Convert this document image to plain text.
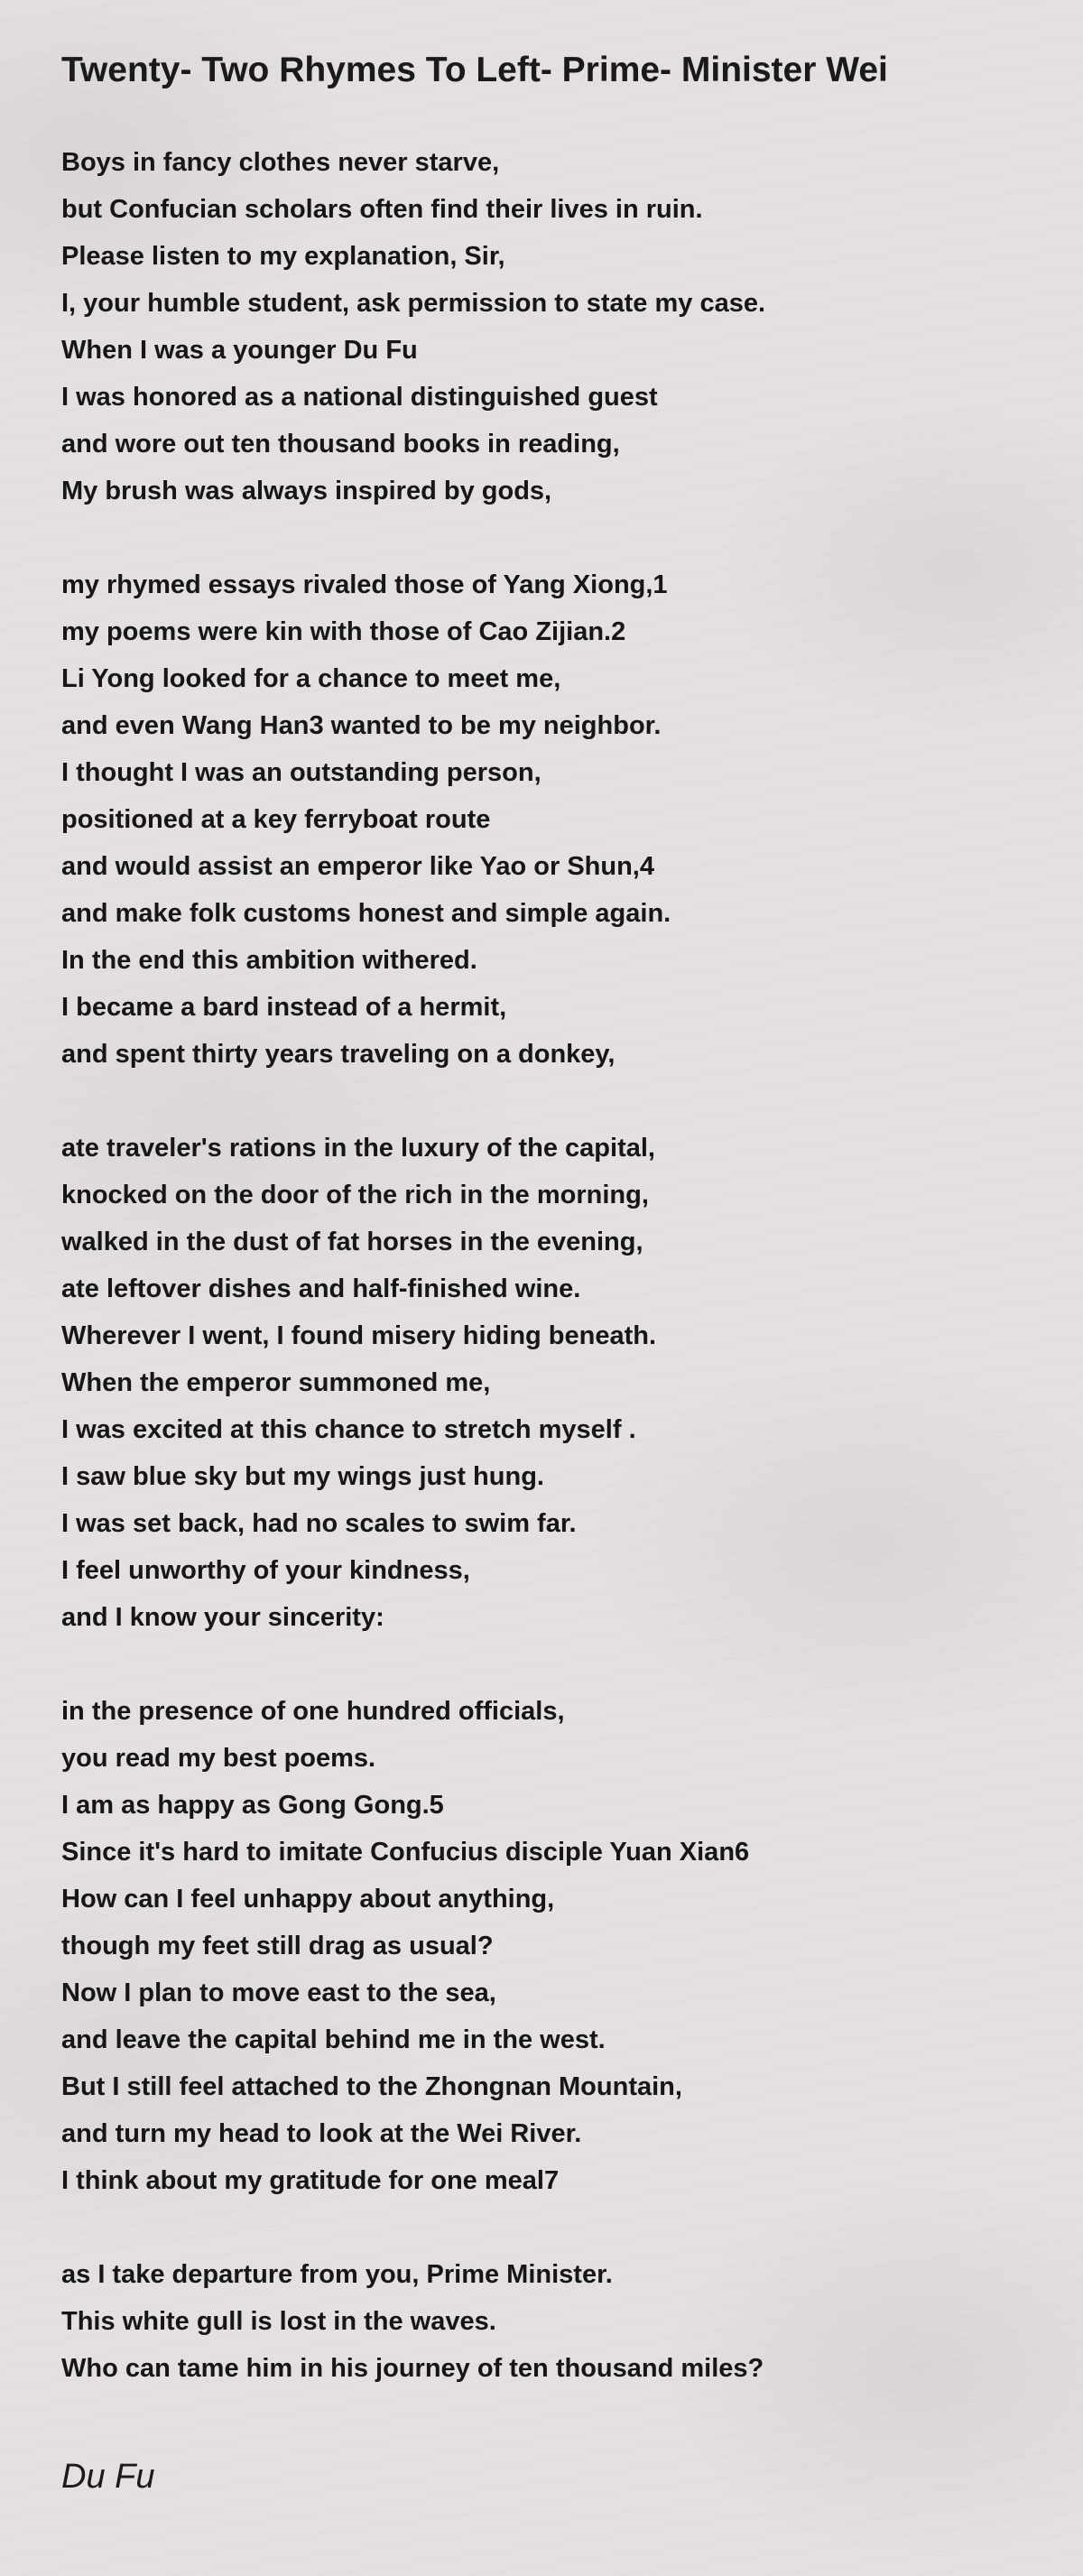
Twenty- Two Rhymes To Left- Prime- Minister Wei
Boys in fancy clothes never starve,
but Confucian scholars often find their lives in ruin.
Please listen to my explanation, Sir,
I, your humble student, ask permission to state my case.
When I was a younger Du Fu
I was honored as a national distinguished guest
and wore out ten thousand books in reading,
My brush was always inspired by gods,
my rhymed essays rivaled those of Yang Xiong,1
my poems were kin with those of Cao Zijian.2
Li Yong looked for a chance to meet me,
and even Wang Han3 wanted to be my neighbor.
I thought I was an outstanding person,
positioned at a key ferryboat route
and would assist an emperor like Yao or Shun,4
and make folk customs honest and simple again.
In the end this ambition withered.
I became a bard instead of a hermit,
and spent thirty years traveling on a donkey,
ate traveler's rations in the luxury of the capital,
knocked on the door of the rich in the morning,
walked in the dust of fat horses in the evening,
ate leftover dishes and half-finished wine.
Wherever I went, I found misery hiding beneath.
When the emperor summoned me,
I was excited at this chance to stretch myself .
I saw blue sky but my wings just hung.
I was set back, had no scales to swim far.
I feel unworthy of your kindness,
and I know your sincerity:
in the presence of one hundred officials,
you read my best poems.
I am as happy as Gong Gong.5
Since it's hard to imitate Confucius disciple Yuan Xian6
How can I feel unhappy about anything,
though my feet still drag as usual?
Now I plan to move east to the sea,
and leave the capital behind me in the west.
But I still feel attached to the Zhongnan Mountain,
and turn my head to look at the Wei River.
I think about my gratitude for one meal7
as I take departure from you, Prime Minister.
This white gull is lost in the waves.
Who can tame him in his journey of ten thousand miles?
Du Fu
